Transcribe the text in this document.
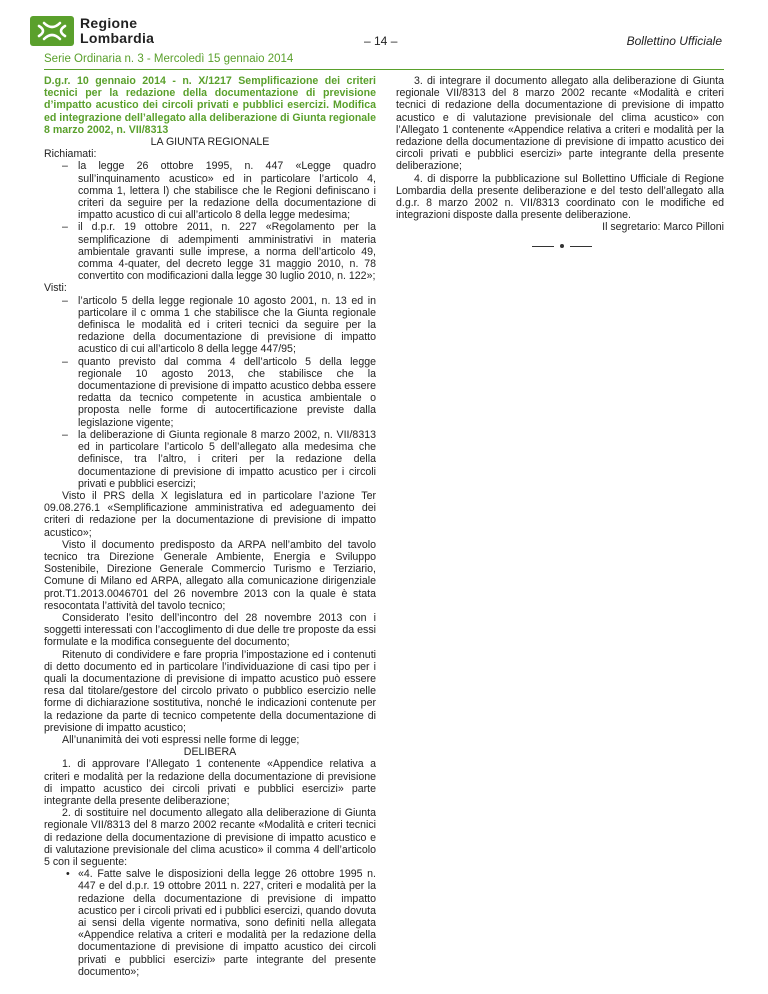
Regione
Lombardia	– 14 –	Bollettino Ufficiale
Serie Ordinaria n. 3 - Mercoledì 15 gennaio 2014

D.g.r. 10 gennaio 2014 - n. X/1217 Semplificazione dei criteri tecnici per la redazione della documentazione di previsione d’impatto acustico dei circoli privati e pubblici esercizi. Modifica ed integrazione dell’allegato alla deliberazione di Giunta regionale 8 marzo 2002, n. VII/8313

LA GIUNTA REGIONALE

Richiamati:

– la legge 26 ottobre 1995, n. 447 «Legge quadro sull’inquinamento acustico» ed in particolare l’articolo 4, comma 1, lettera l) che stabilisce che le Regioni definiscano i criteri da seguire per la redazione della documentazione di impatto acustico di cui all’articolo 8 della legge medesima;

– il d.p.r. 19 ottobre 2011, n. 227 «Regolamento per la semplificazione di adempimenti amministrativi in materia ambientale gravanti sulle imprese, a norma dell’articolo 49, comma 4-quater, del decreto legge 31 maggio 2010, n. 78 convertito con modificazioni dalla legge 30 luglio 2010, n. 122»;

Visti:

– l’articolo 5 della legge regionale 10 agosto 2001, n. 13 ed in particolare il c omma 1 che stabilisce che la Giunta regionale definisca le modalità ed i criteri tecnici da seguire per la redazione della documentazione di previsione di impatto acustico di cui all’articolo 8 della legge 447/95;

– quanto previsto dal comma 4 dell’articolo 5 della legge regionale 10 agosto 2013, che stabilisce che la documentazione di previsione di impatto acustico debba essere redatta da tecnico competente in acustica ambientale o proposta nelle forme di autocertificazione previste dalla legislazione vigente;

– la deliberazione di Giunta regionale 8 marzo 2002, n. VII/8313 ed in particolare l’articolo 5 dell’allegato alla medesima che definisce, tra l’altro, i criteri per la redazione della documentazione di previsione di impatto acustico per i circoli privati e pubblici esercizi;

Visto il PRS della X legislatura ed in particolare l’azione Ter 09.08.276.1 «Semplificazione amministrativa ed adeguamento dei criteri di redazione per la documentazione di previsione di impatto acustico»;

Visto il documento predisposto da ARPA nell’ambito del tavolo tecnico tra Direzione Generale Ambiente, Energia e Sviluppo Sostenibile, Direzione Generale Commercio Turismo e Terziario, Comune di Milano ed ARPA, allegato alla comunicazione dirigenziale prot.T1.2013.0046701 del 26 novembre 2013 con la quale è stata resocontata l’attività del tavolo tecnico;

Considerato l’esito dell’incontro del 28 novembre 2013 con i soggetti interessati con l’accoglimento di due delle tre proposte da essi formulate e la modifica conseguente del documento;

Ritenuto di condividere e fare propria l’impostazione ed i contenuti di detto documento ed in particolare l’individuazione di casi tipo per i quali la documentazione di previsione di impatto acustico può essere resa dal titolare/gestore del circolo privato o pubblico esercizio nelle forme di dichiarazione sostitutiva, nonché le indicazioni contenute per la redazione da parte di tecnico competente della documentazione di previsione di impatto acustico;

All’unanimità dei voti espressi nelle forme di legge;

DELIBERA

1. di approvare l’Allegato 1 contenente «Appendice relativa a criteri e modalità per la redazione della documentazione di previsione di impatto acustico dei circoli privati e pubblici esercizi» parte integrante della presente deliberazione;

2. di sostituire nel documento allegato alla deliberazione di Giunta regionale VII/8313 del 8 marzo 2002 recante «Modalità e criteri tecnici di redazione della documentazione di previsione di impatto acustico e di valutazione previsionale del clima acustico» il comma 4 dell’articolo 5 con il seguente:

• «4. Fatte salve le disposizioni della legge 26 ottobre 1995 n. 447 e del d.p.r. 19 ottobre 2011 n. 227, criteri e modalità per la redazione della documentazione di previsione di impatto acustico per i circoli privati ed i pubblici esercizi, quando dovuta ai sensi della vigente normativa, sono definiti nella allegata «Appendice relativa a criteri e modalità per la redazione della documentazione di previsione di impatto acustico dei circoli privati e pubblici esercizi» parte integrante del presente documento»;

3. di integrare il documento allegato alla deliberazione di Giunta regionale VII/8313 del 8 marzo 2002 recante «Modalità e criteri tecnici di redazione della documentazione di previsione di impatto acustico e di valutazione previsionale del clima acustico» con l’Allegato 1 contenente «Appendice relativa a criteri e modalità per la redazione della documentazione di previsione di impatto acustico dei circoli privati e pubblici esercizi» parte integrante della presente deliberazione;

4. di disporre la pubblicazione sul Bollettino Ufficiale di Regione Lombardia della presente deliberazione e del testo dell’allegato alla d.g.r. 8 marzo 2002 n. VII/8313 coordinato con le modifiche ed integrazioni disposte dalla presente deliberazione.

Il segretario: Marco Pilloni
